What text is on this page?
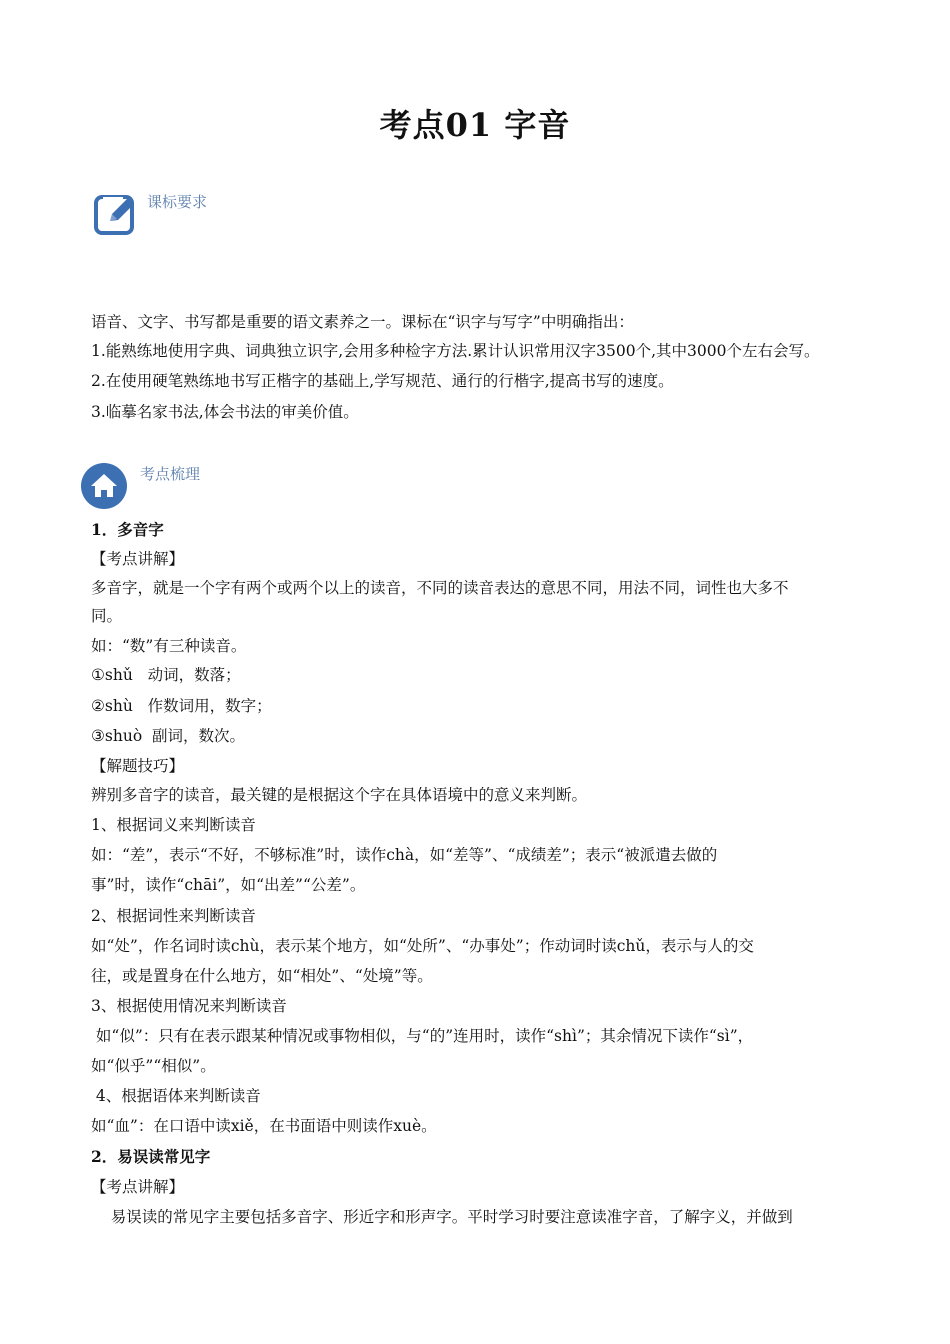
考点01 字音
课标要求
语音、文字、书写都是重要的语文素养之一。课标在“识字与写字”中明确指出：
1.能熟练地使用字典、词典独立识字,会用多种检字方法.累计认识常用汉字3500个,其中3000个左右会写。
2.在使用硬笔熟练地书写正楷字的基础上,学写规范、通行的行楷字,提高书写的速度。
3.临摹名家书法,体会书法的审美价值。
考点梳理
1．多音字
【考点讲解】
多音字，就是一个字有两个或两个以上的读音，不同的读音表达的意思不同，用法不同，词性也大多不
同。
如：“数”有三种读音。
①shǔ   动词，数落；
②shù   作数词用，数字；
③shuò  副词，数次。
【解题技巧】
辨别多音字的读音，最关键的是根据这个字在具体语境中的意义来判断。
1、根据词义来判断读音
如：“差”，表示“不好，不够标准”时，读作chà，如“差等”、“成绩差”；表示“被派遣去做的
事”时，读作“chāi”，如“出差”“公差”。
2、根据词性来判断读音
如“处”，作名词时读chù，表示某个地方，如“处所”、“办事处”；作动词时读chǔ，表示与人的交
往，或是置身在什么地方，如“相处”、“处境”等。
3、根据使用情况来判断读音
如“似”：只有在表示跟某种情况或事物相似，与“的”连用时，读作“shì”；其余情况下读作“sì”，
如“似乎”“相似”。
4、根据语体来判断读音
如“血”：在口语中读xiě，在书面语中则读作xuè。
2．易误读常见字
【考点讲解】
易误读的常见字主要包括多音字、形近字和形声字。平时学习时要注意读准字音，了解字义，并做到
